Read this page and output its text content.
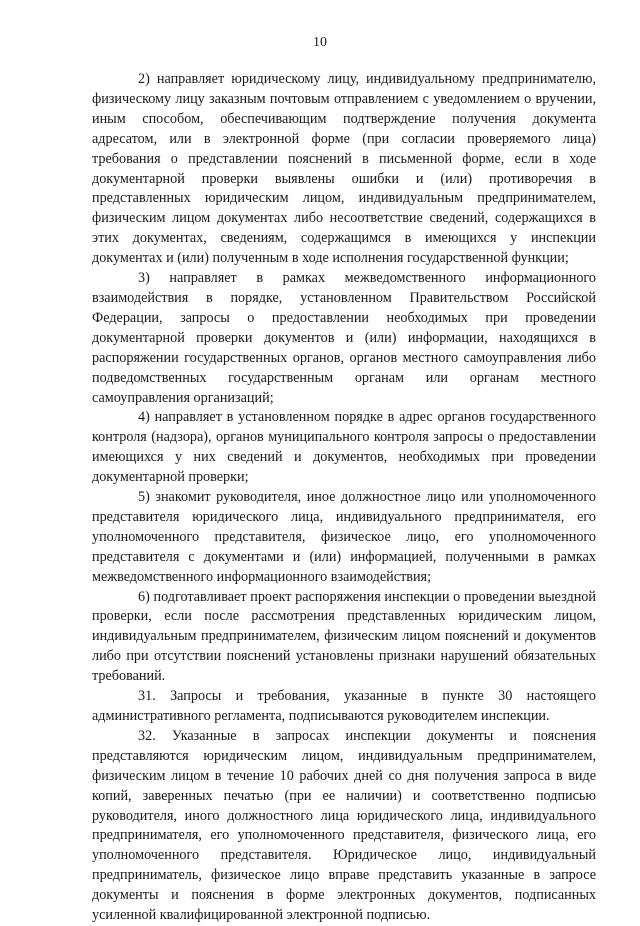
10

2) направляет юридическому лицу, индивидуальному предпринимателю, физическому лицу заказным почтовым отправлением с уведомлением о вручении, иным способом, обеспечивающим подтверждение получения документа адресатом, или в электронной форме (при согласии проверяемого лица) требования о представлении пояснений в письменной форме, если в ходе документарной проверки выявлены ошибки и (или) противоречия в представленных юридическим лицом, индивидуальным предпринимателем, физическим лицом документах либо несоответствие сведений, содержащихся в этих документах, сведениям, содержащимся в имеющихся у инспекции документах и (или) полученным в ходе исполнения государственной функции;

3) направляет в рамках межведомственного информационного взаимодействия в порядке, установленном Правительством Российской Федерации, запросы о предоставлении необходимых при проведении документарной проверки документов и (или) информации, находящихся в распоряжении государственных органов, органов местного самоуправления либо подведомственных государственным органам или органам местного самоуправления организаций;

4) направляет в установленном порядке в адрес органов государственного контроля (надзора), органов муниципального контроля запросы о предоставлении имеющихся у них сведений и документов, необходимых при проведении документарной проверки;

5) знакомит руководителя, иное должностное лицо или уполномоченного представителя юридического лица, индивидуального предпринимателя, его уполномоченного представителя, физическое лицо, его уполномоченного представителя с документами и (или) информацией, полученными в рамках межведомственного информационного взаимодействия;

6) подготавливает проект распоряжения инспекции о проведении выездной проверки, если после рассмотрения представленных юридическим лицом, индивидуальным предпринимателем, физическим лицом пояснений и документов либо при отсутствии пояснений установлены признаки нарушений обязательных требований.

31. Запросы и требования, указанные в пункте 30 настоящего административного регламента, подписываются руководителем инспекции.

32. Указанные в запросах инспекции документы и пояснения представляются юридическим лицом, индивидуальным предпринимателем, физическим лицом в течение 10 рабочих дней со дня получения запроса в виде копий, заверенных печатью (при ее наличии) и соответственно подписью руководителя, иного должностного лица юридического лица, индивидуального предпринимателя, его уполномоченного представителя, физического лица, его уполномоченного представителя. Юридическое лицо, индивидуальный предприниматель, физическое лицо вправе представить указанные в запросе документы и пояснения в форме электронных документов, подписанных усиленной квалифицированной электронной подписью.
